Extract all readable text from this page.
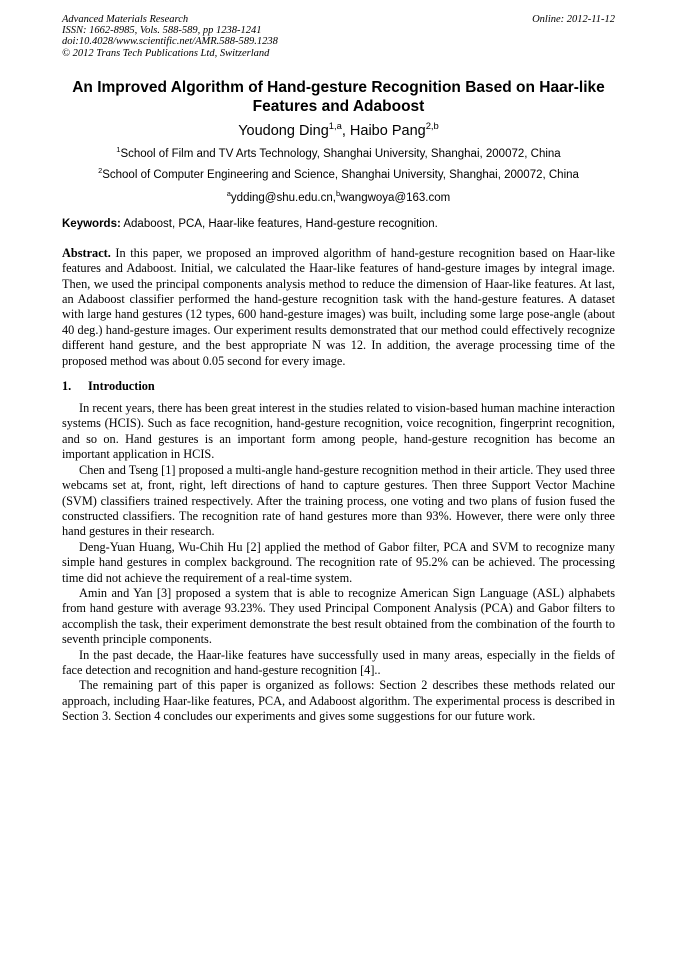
Advanced Materials Research
ISSN: 1662-8985, Vols. 588-589, pp 1238-1241
doi:10.4028/www.scientific.net/AMR.588-589.1238
© 2012 Trans Tech Publications Ltd, Switzerland
Online: 2012-11-12
An Improved Algorithm of Hand-gesture Recognition Based on Haar-like Features and Adaboost
Youdong Ding$^{1,a}$, Haibo Pang$^{2,b}$
$^1$School of Film and TV Arts Technology, Shanghai University, Shanghai, 200072, China
$^2$School of Computer Engineering and Science, Shanghai University, Shanghai, 200072, China
$^a$ydding@shu.edu.cn,$^b$wangwoya@163.com
Keywords: Adaboost, PCA, Haar-like features, Hand-gesture recognition.
Abstract. In this paper, we proposed an improved algorithm of hand-gesture recognition based on Haar-like features and Adaboost. Initial, we calculated the Haar-like features of hand-gesture images by integral image. Then, we used the principal components analysis method to reduce the dimension of Haar-like features. At last, an Adaboost classifier performed the hand-gesture recognition task with the hand-gesture features. A dataset with large hand gestures (12 types, 600 hand-gesture images) was built, including some large pose-angle (about 40 deg.) hand-gesture images. Our experiment results demonstrated that our method could effectively recognize different hand gesture, and the best appropriate N was 12. In addition, the average processing time of the proposed method was about 0.05 second for every image.
1. Introduction

In recent years, there has been great interest in the studies related to vision-based human machine interaction systems (HCIS). Such as face recognition, hand-gesture recognition, voice recognition, fingerprint recognition, and so on. Hand gestures is an important form among people, hand-gesture recognition has become an important application in HCIS.

Chen and Tseng [1] proposed a multi-angle hand-gesture recognition method in their article. They used three webcams set at, front, right, left directions of hand to capture gestures. Then three Support Vector Machine (SVM) classifiers trained respectively. After the training process, one voting and two plans of fusion fused the constructed classifiers. The recognition rate of hand gestures more than 93%. However, there were only three hand gestures in their research.

Deng-Yuan Huang, Wu-Chih Hu [2] applied the method of Gabor filter, PCA and SVM to recognize many simple hand gestures in complex background. The recognition rate of 95.2% can be achieved. The processing time did not achieve the requirement of a real-time system.

Amin and Yan [3] proposed a system that is able to recognize American Sign Language (ASL) alphabets from hand gesture with average 93.23%. They used Principal Component Analysis (PCA) and Gabor filters to accomplish the task, their experiment demonstrate the best result obtained from the combination of the fourth to seventh principle components.

In the past decade, the Haar-like features have successfully used in many areas, especially in the fields of face detection and recognition and hand-gesture recognition [4]..

The remaining part of this paper is organized as follows: Section 2 describes these methods related our approach, including Haar-like features, PCA, and Adaboost algorithm. The experimental process is described in Section 3. Section 4 concludes our experiments and gives some suggestions for our future work.
